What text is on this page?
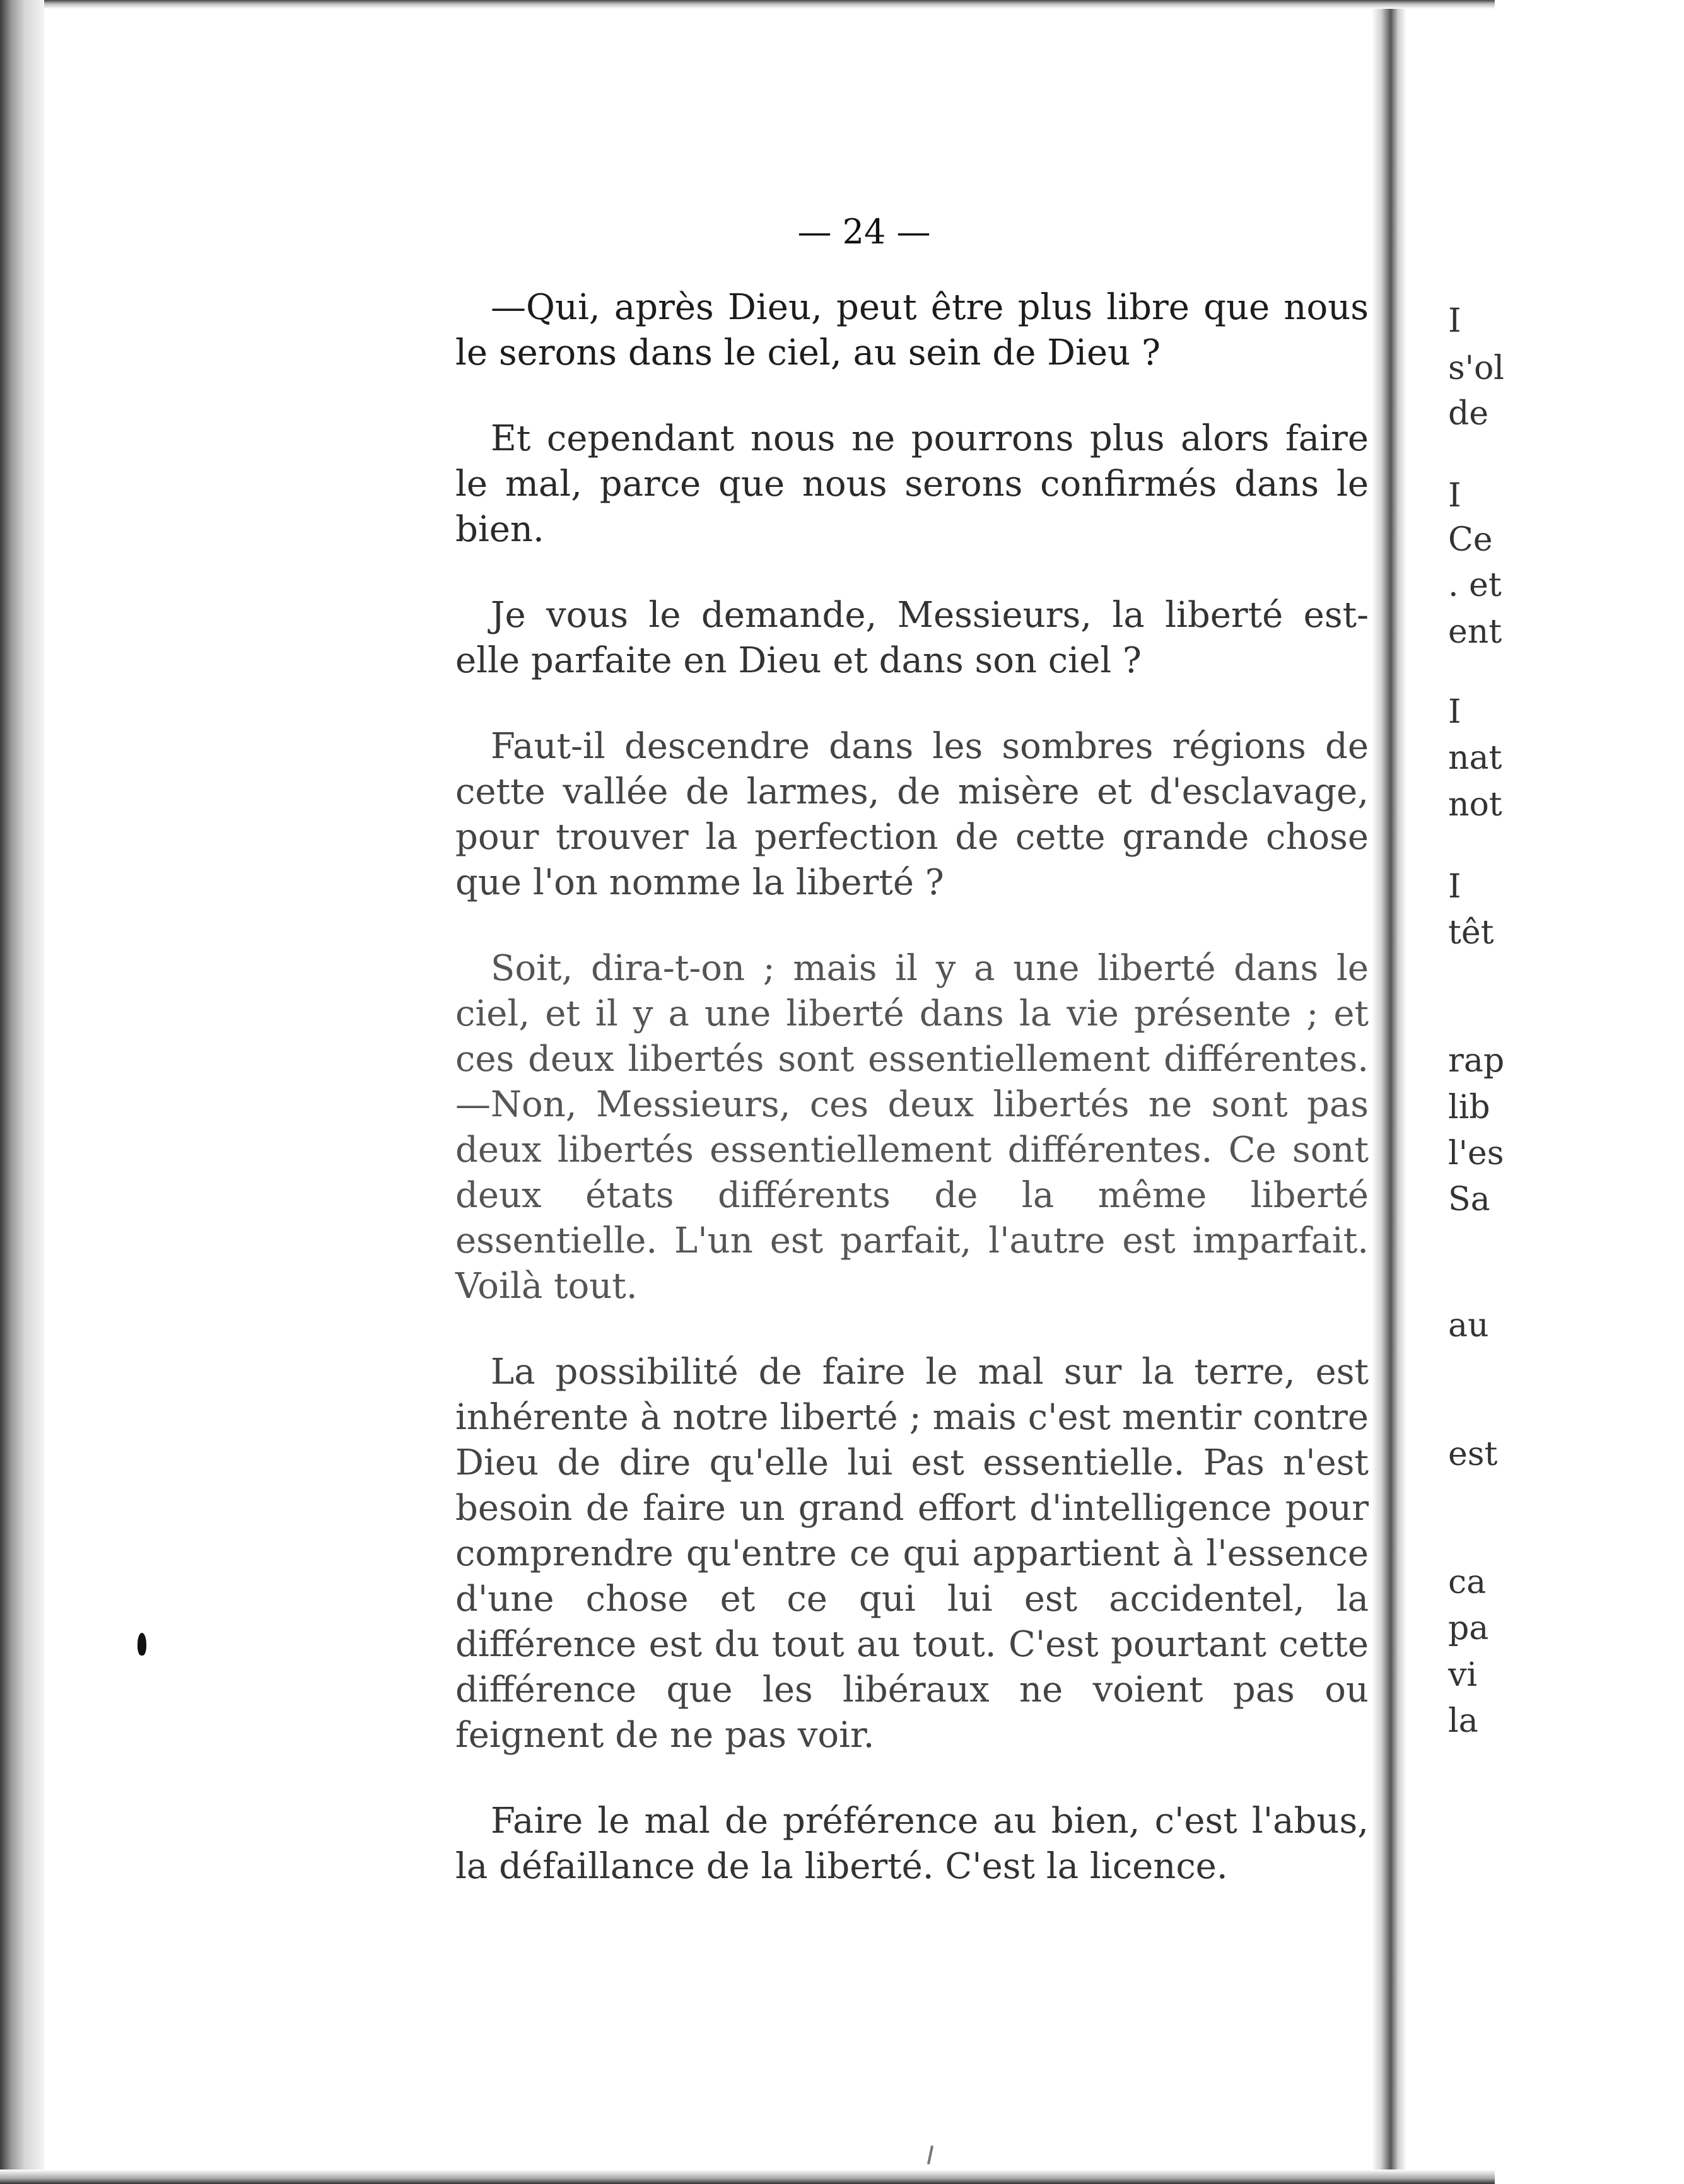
— 24 —

—Qui, après Dieu, peut être plus libre que nous le serons dans le ciel, au sein de Dieu ?

Et cependant nous ne pourrons plus alors faire le mal, parce que nous serons confirmés dans le bien.

Je vous le demande, Messieurs, la liberté est-elle parfaite en Dieu et dans son ciel ?

Faut-il descendre dans les sombres régions de cette vallée de larmes, de misère et d'esclavage, pour trouver la perfection de cette grande chose que l'on nomme la liberté ?

Soit, dira-t-on ; mais il y a une liberté dans le ciel, et il y a une liberté dans la vie présente ; et ces deux libertés sont essentiellement différentes.—Non, Messieurs, ces deux libertés ne sont pas deux libertés essentiellement différentes. Ce sont deux états différents de la même liberté essentielle. L'un est parfait, l'autre est imparfait. Voilà tout.

La possibilité de faire le mal sur la terre, est inhérente à notre liberté ; mais c'est mentir contre Dieu de dire qu'elle lui est essentielle. Pas n'est besoin de faire un grand effort d'intelligence pour comprendre qu'entre ce qui appartient à l'essence d'une chose et ce qui lui est accidentel, la différence est du tout au tout. C'est pourtant cette différence que les libéraux ne voient pas ou feignent de ne pas voir.

Faire le mal de préférence au bien, c'est l'abus, la défaillance de la liberté. C'est la licence.

I
s'ol
de
I
Ce
. et
ent
I
nat
not
I
têt
rap
lib
l'es
Sa
au
est
ca
pa
vi
la
